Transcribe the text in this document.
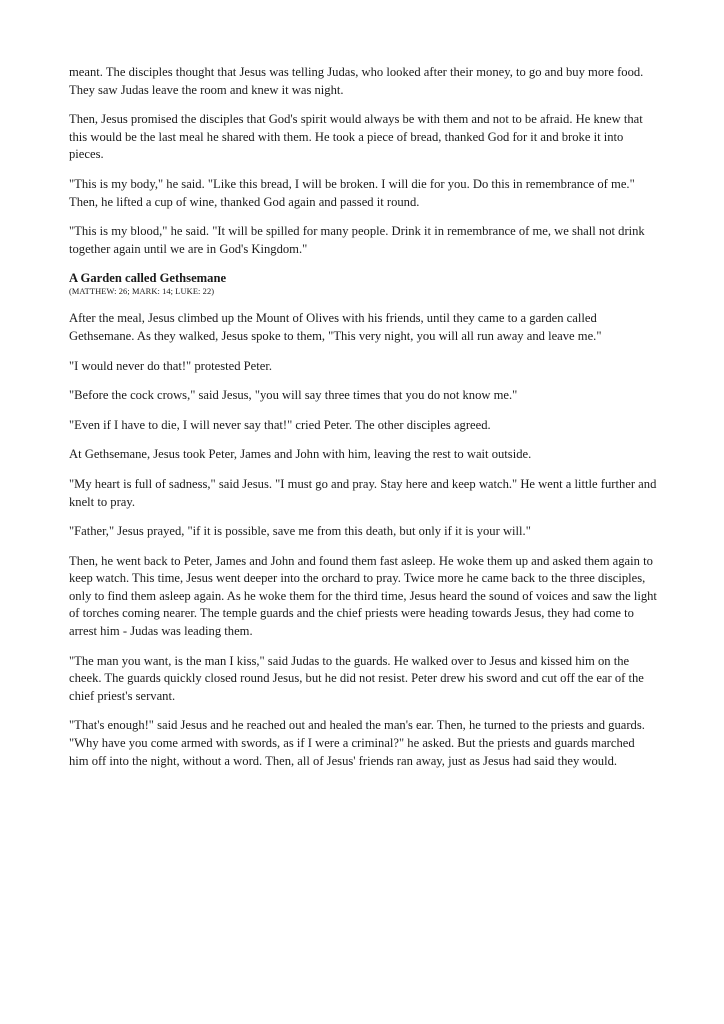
meant. The disciples thought that Jesus was telling Judas, who looked after their money, to go and buy more food. They saw Judas leave the room and knew it was night.

Then, Jesus promised the disciples that God's spirit would always be with them and not to be afraid. He knew that this would be the last meal he shared with them. He took a piece of bread, thanked God for it and broke it into pieces.

"This is my body," he said. "Like this bread, I will be broken. I will die for you. Do this in remembrance of me."

Then, he lifted a cup of wine, thanked God again and passed it round.

"This is my blood," he said. "It will be spilled for many people. Drink it in remembrance of me, we shall not drink together again until we are in God's Kingdom."

A Garden called Gethsemane

(MATTHEW: 26; MARK: 14; LUKE: 22)

After the meal, Jesus climbed up the Mount of Olives with his friends, until they came to a garden called Gethsemane. As they walked, Jesus spoke to them, "This very night, you will all run away and leave me."

"I would never do that!" protested Peter.

"Before the cock crows," said Jesus, "you will say three times that you do not know me."

"Even if I have to die, I will never say that!" cried Peter. The other disciples agreed.

At Gethsemane, Jesus took Peter, James and John with him, leaving the rest to wait outside.

"My heart is full of sadness," said Jesus. "I must go and pray. Stay here and keep watch." He went a little further and knelt to pray.

"Father," Jesus prayed, "if it is possible, save me from this death, but only if it is your will."

Then, he went back to Peter, James and John and found them fast asleep. He woke them up and asked them again to keep watch. This time, Jesus went deeper into the orchard to pray. Twice more he came back to the three disciples, only to find them asleep again. As he woke them for the third time, Jesus heard the sound of voices and saw the light of torches coming nearer. The temple guards and the chief priests were heading towards Jesus, they had come to arrest him - Judas was leading them.

"The man you want, is the man I kiss," said Judas to the guards. He walked over to Jesus and kissed him on the cheek. The guards quickly closed round Jesus, but he did not resist. Peter drew his sword and cut off the ear of the chief priest's servant.

"That's enough!" said Jesus and he reached out and healed the man's ear. Then, he turned to the priests and guards. "Why have you come armed with swords, as if I were a criminal?" he asked. But the priests and guards marched him off into the night, without a word. Then, all of Jesus' friends ran away, just as Jesus had said they would.
